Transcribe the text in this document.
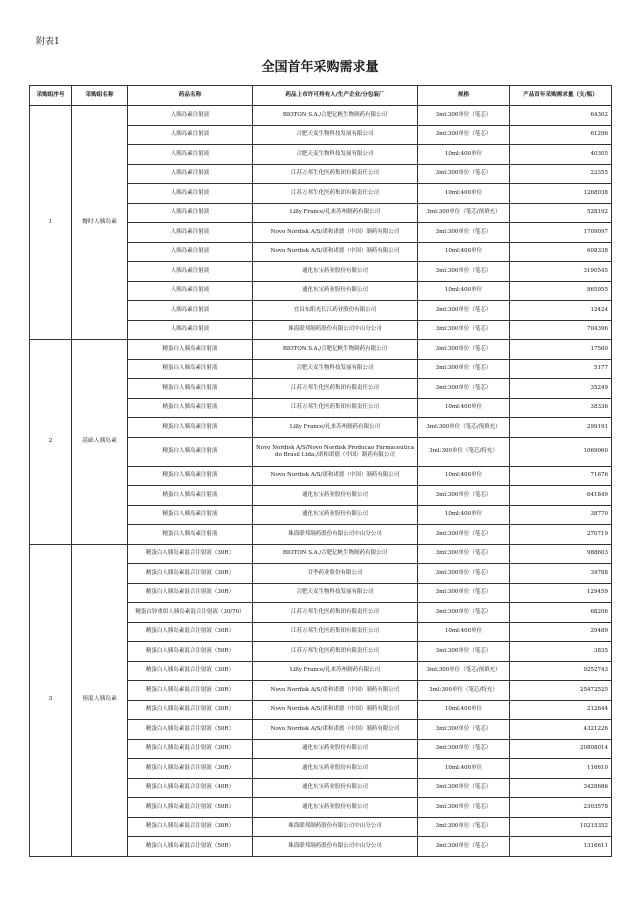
附表1
全国首年采购需求量
采购组序号	采购组名称	药品名称	药品上市许可持有人/生产企业/分包装厂	规格	产品首年采购需求量（支/瓶）
1	餐时人胰岛素	人胰岛素注射液	BIOTON S.A./合肥亿帆生物制药有限公司	3ml:300单位（笔芯）	64302
		人胰岛素注射液	合肥天麦生物科技发展有限公司	3ml:300单位（笔芯）	61296
		人胰岛素注射液	合肥天麦生物科技发展有限公司	10ml:400单位	40305
		人胰岛素注射液	江苏万邦生化医药集团有限责任公司	3ml:300单位（笔芯）	22355
		人胰岛素注射液	江苏万邦生化医药集团有限责任公司	10ml:400单位	1268038
		人胰岛素注射液	Lilly France/礼来苏州制药有限公司	3ml:300单位（笔芯/预填充）	528192
		人胰岛素注射液	Novo Nordisk A/S/诺和诺德（中国）制药有限公司	3ml:300单位（笔芯）	1709097
		人胰岛素注射液	Novo Nordisk A/S/诺和诺德（中国）制药有限公司	10ml:400单位	608338
		人胰岛素注射液	通化东宝药业股份有限公司	3ml:300单位（笔芯）	3190545
		人胰岛素注射液	通化东宝药业股份有限公司	10ml:400单位	865955
		人胰岛素注射液	宜昌东阳光长江药业股份有限公司	3ml:300单位（笔芯）	12424
		人胰岛素注射液	珠海联邦制药股份有限公司中山分公司	3ml:300单位（笔芯）	704396
2	基础人胰岛素	精蛋白人胰岛素注射液	BIOTON S.A./合肥亿帆生物制药有限公司	3ml:300单位（笔芯）	17560
		精蛋白人胰岛素注射液	合肥天麦生物科技发展有限公司	3ml:300单位（笔芯）	5177
		精蛋白人胰岛素注射液	江苏万邦生化医药集团有限责任公司	3ml:300单位（笔芯）	35249
		精蛋白人胰岛素注射液	江苏万邦生化医药集团有限责任公司	10ml:400单位	38336
		精蛋白人胰岛素注射液	Lilly France/礼来苏州制药有限公司	3ml:300单位（笔芯/预填充）	299191
		精蛋白人胰岛素注射液	Novo Nordisk A/S/Novo Nordisk Producao Farmaceutica do Brasil Ltda./诺和诺德（中国）制药有限公司	3ml:300单位（笔芯/特充）	1069060
		精蛋白人胰岛素注射液	Novo Nordisk A/S/诺和诺德（中国）制药有限公司	10ml:400单位	71676
		精蛋白人胰岛素注射液	通化东宝药业股份有限公司	3ml:300单位（笔芯）	641849
		精蛋白人胰岛素注射液	通化东宝药业股份有限公司	10ml:400单位	38770
		精蛋白人胰岛素注射液	珠海联邦制药股份有限公司中山分公司	3ml:300单位（笔芯）	270719
3	预混人胰岛素	精蛋白人胰岛素混合注射液（30R）	BIOTON S.A./合肥亿帆生物制药有限公司	3ml:300单位（笔芯）	988603
		精蛋白人胰岛素混合注射液（30R）	甘李药业股份有限公司	3ml:300单位（笔芯）	34788
		精蛋白人胰岛素混合注射液（30R）	合肥天麦生物科技发展有限公司	3ml:300单位（笔芯）	129459
		精蛋白锌重组人胰岛素混合注射液（30/70）	江苏万邦生化医药集团有限责任公司	3ml:300单位（笔芯）	68206
		精蛋白人胰岛素混合注射液（30R）	江苏万邦生化医药集团有限责任公司	10ml:400单位	29489
		精蛋白人胰岛素混合注射液（50R）	江苏万邦生化医药集团有限责任公司	3ml:300单位（笔芯）	3835
		精蛋白人胰岛素混合注射液（30R）	Lilly France/礼来苏州制药有限公司	3ml:300单位（笔芯/预填充）	9252743
		精蛋白人胰岛素混合注射液（30R）	Novo Nordisk A/S/诺和诺德（中国）制药有限公司	3ml:300单位（笔芯/特充）	25472525
		精蛋白人胰岛素混合注射液（30R）	Novo Nordisk A/S/诺和诺德（中国）制药有限公司	10ml:400单位	212644
		精蛋白人胰岛素混合注射液（50R）	Novo Nordisk A/S/诺和诺德（中国）制药有限公司	3ml:300单位（笔芯）	4321226
		精蛋白人胰岛素混合注射液（30R）	通化东宝药业股份有限公司	3ml:300单位（笔芯）	20808014
		精蛋白人胰岛素混合注射液（30R）	通化东宝药业股份有限公司	10ml:400单位	116610
		精蛋白人胰岛素混合注射液（40R）	通化东宝药业股份有限公司	3ml:300单位（笔芯）	3428686
		精蛋白人胰岛素混合注射液（50R）	通化东宝药业股份有限公司	3ml:300单位（笔芯）	2303578
		精蛋白人胰岛素混合注射液（30R）	珠海联邦制药股份有限公司中山分公司	3ml:300单位（笔芯）	10215352
		精蛋白人胰岛素混合注射液（50R）	珠海联邦制药股份有限公司中山分公司	3ml:300单位（笔芯）	1316611
